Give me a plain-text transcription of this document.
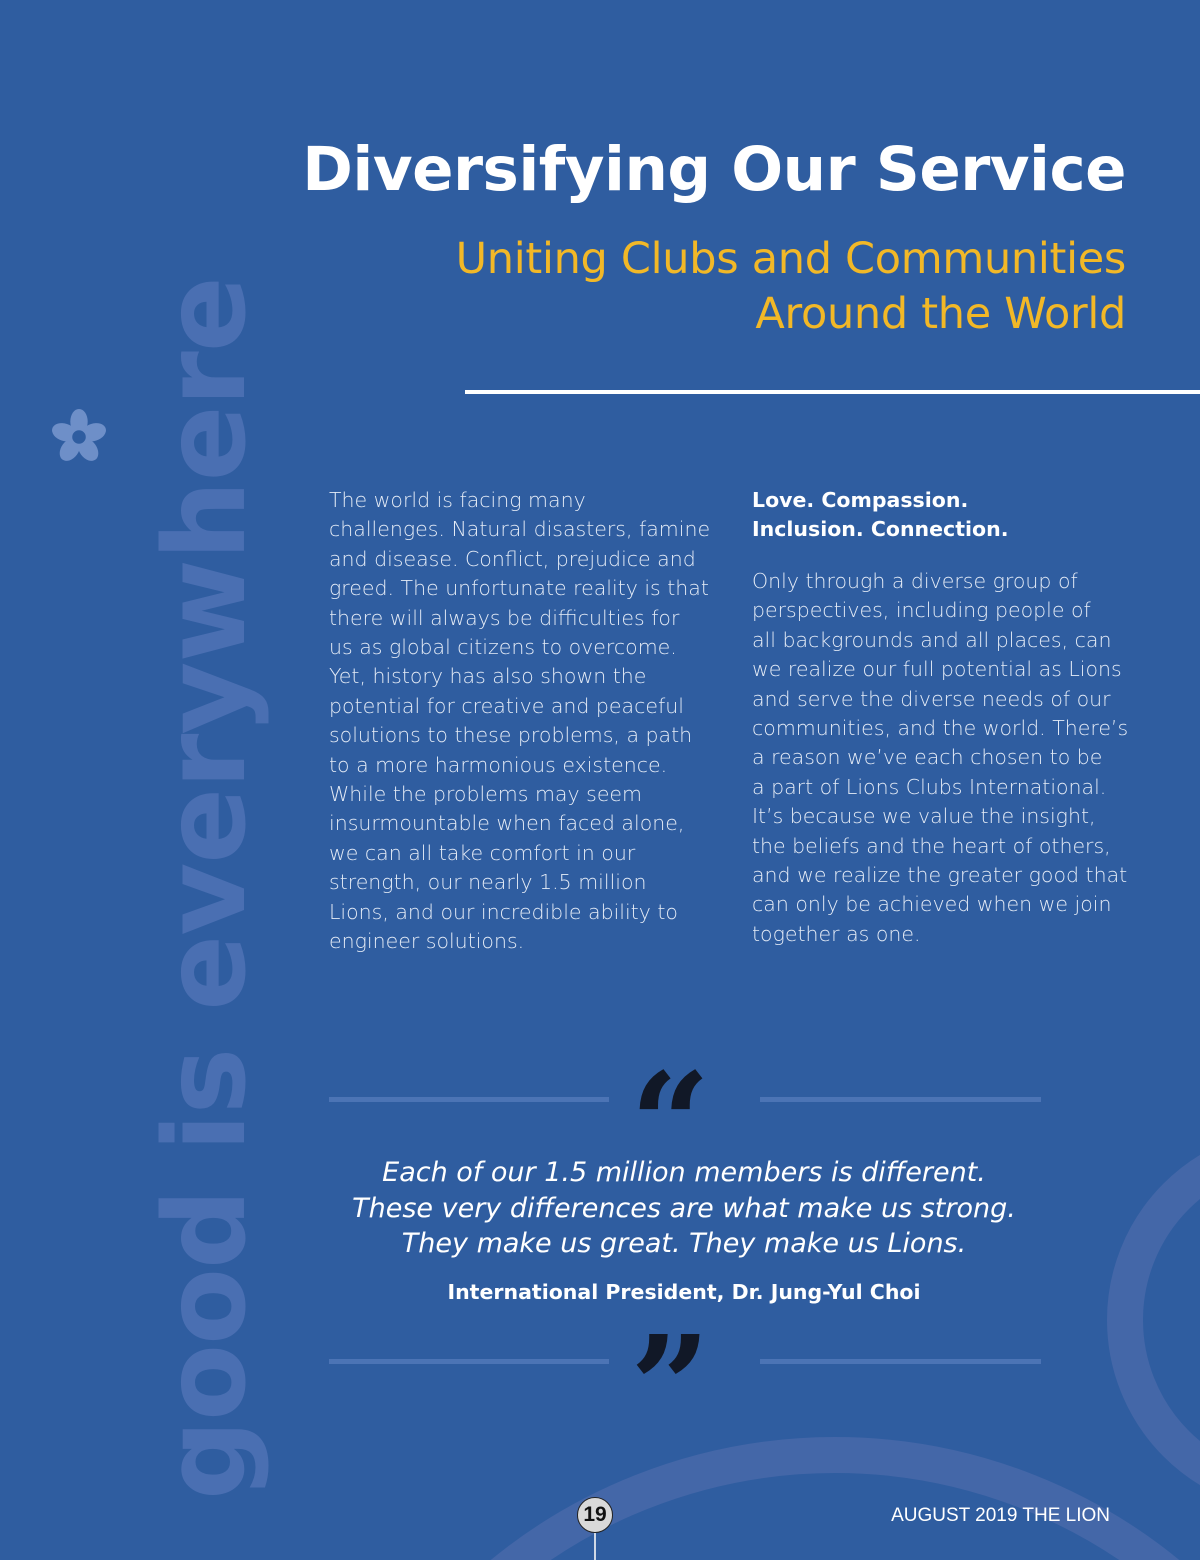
good is everywhere
Diversifying Our Service
Uniting Clubs and Communities
Around the World
The world is facing many
challenges. Natural disasters, famine
and disease. Conflict, prejudice and
greed. The unfortunate reality is that
there will always be difficulties for
us as global citizens to overcome.
Yet, history has also shown the
potential for creative and peaceful
solutions to these problems, a path
to a more harmonious existence.
While the problems may seem
insurmountable when faced alone,
we can all take comfort in our
strength, our nearly 1.5 million
Lions, and our incredible ability to
engineer solutions.
Love. Compassion.
Inclusion. Connection.
Only through a diverse group of
perspectives, including people of
all backgrounds and all places, can
we realize our full potential as Lions
and serve the diverse needs of our
communities, and the world. There’s
a reason we’ve each chosen to be
a part of Lions Clubs International.
It’s because we value the insight,
the beliefs and the heart of others,
and we realize the greater good that
can only be achieved when we join
together as one.
“
Each of our 1.5 million members is different.
These very differences are what make us strong.
They make us great. They make us Lions.
International President, Dr. Jung-Yul Choi
”
19	AUGUST 2019 THE LION
